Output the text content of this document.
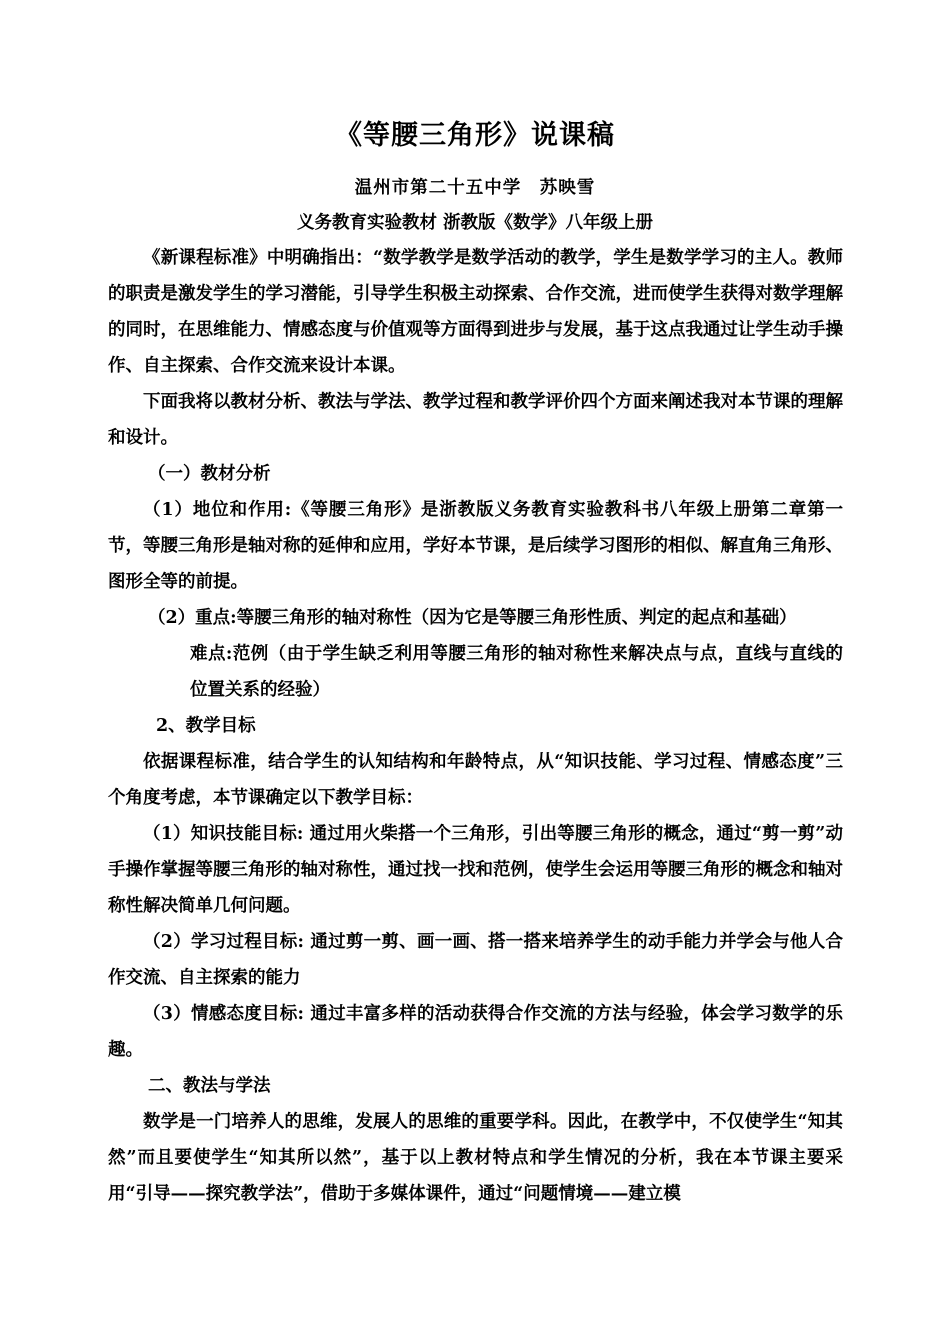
《等腰三角形》说课稿
温州市第二十五中学　苏映雪
义务教育实验教材 浙教版《数学》八年级上册

《新课程标准》中明确指出：“数学教学是数学活动的教学，学生是数学学习的主人。教师的职责是激发学生的学习潜能，引导学生积极主动探索、合作交流，进而使学生获得对数学理解的同时，在思维能力、情感态度与价值观等方面得到进步与发展，基于这点我通过让学生动手操作、自主探索、合作交流来设计本课。

下面我将以教材分析、教法与学法、教学过程和教学评价四个方面来阐述我对本节课的理解和设计。

（一）教材分析

（1）地位和作用:《等腰三角形》是浙教版义务教育实验教科书八年级上册第二章第一节，等腰三角形是轴对称的延伸和应用，学好本节课，是后续学习图形的相似、解直角三角形、图形全等的前提。

（2）重点:等腰三角形的轴对称性（因为它是等腰三角形性质、判定的起点和基础）

难点:范例（由于学生缺乏利用等腰三角形的轴对称性来解决点与点，直线与直线的位置关系的经验）

2、教学目标

依据课程标准，结合学生的认知结构和年龄特点，从“知识技能、学习过程、情感态度”三个角度考虑，本节课确定以下教学目标：

（1）知识技能目标: 通过用火柴搭一个三角形，引出等腰三角形的概念，通过“剪一剪”动手操作掌握等腰三角形的轴对称性，通过找一找和范例，使学生会运用等腰三角形的概念和轴对称性解决简单几何问题。

（2）学习过程目标: 通过剪一剪、画一画、搭一搭来培养学生的动手能力并学会与他人合作交流、自主探索的能力

（3）情感态度目标: 通过丰富多样的活动获得合作交流的方法与经验，体会学习数学的乐趣。

二、教法与学法

数学是一门培养人的思维，发展人的思维的重要学科。因此，在教学中，不仅使学生“知其然”而且要使学生“知其所以然”，基于以上教材特点和学生情况的分析，我在本节课主要采用“引导——探究教学法”，借助于多媒体课件，通过“问题情境——建立模
